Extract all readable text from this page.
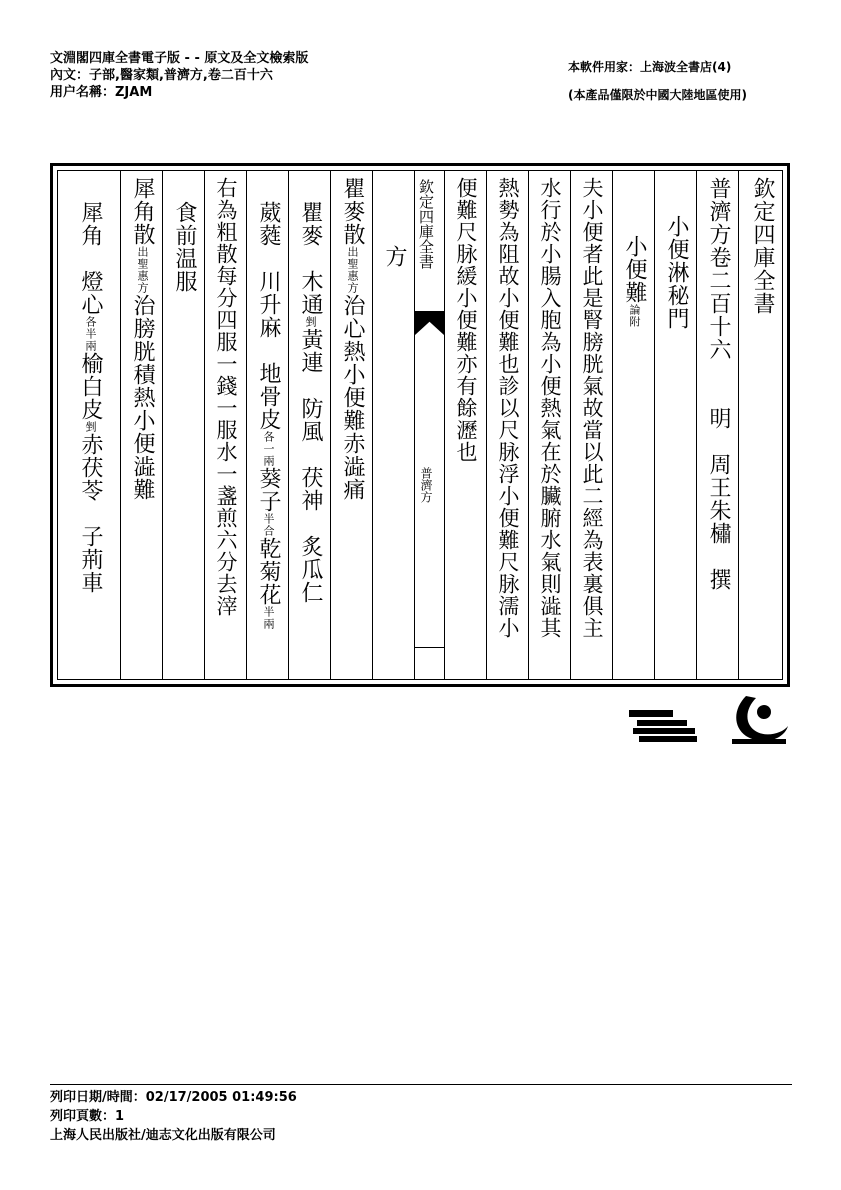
文淵閣四庫全書電子版 - - 原文及全文檢索版
內文：子部,醫家類,普濟方,卷二百十六
用户名稱：ZJAM
本軟件用家：上海波全書店(4)
(本產品僅限於中國大陸地區使用)
欽定四庫全書
普濟方卷二百十六　　明　周王朱橚　撰
小便淋秘門
小便難論附
夫小便者此是腎膀胱氣故當以此二經為表裏俱主
水行於小腸入胞為小便熱氣在於臟腑水氣則澁其
熱勢為阻故小便難也診以尺脉浮小便難尺脉濡小
便難尺脉緩小便難亦有餘瀝也
欽定四庫全書
普濟方
方
瞿麥散出聖惠方治心熱小便難赤澁痛
瞿麥　木通剉黃連　防風　茯神　炙瓜仁
葳蕤　川升麻　地骨皮各一兩葵子半合乾菊花半兩
右為粗散每分四服一錢一服水一盞煎六分去滓
食前温服
犀角散出聖惠方治膀胱積熱小便澁難
犀角　燈心各半兩榆白皮剉赤茯苓　子荊車
列印日期/時間：02/17/2005 01:49:56
列印頁數：1
上海人民出版社/迪志文化出版有限公司
